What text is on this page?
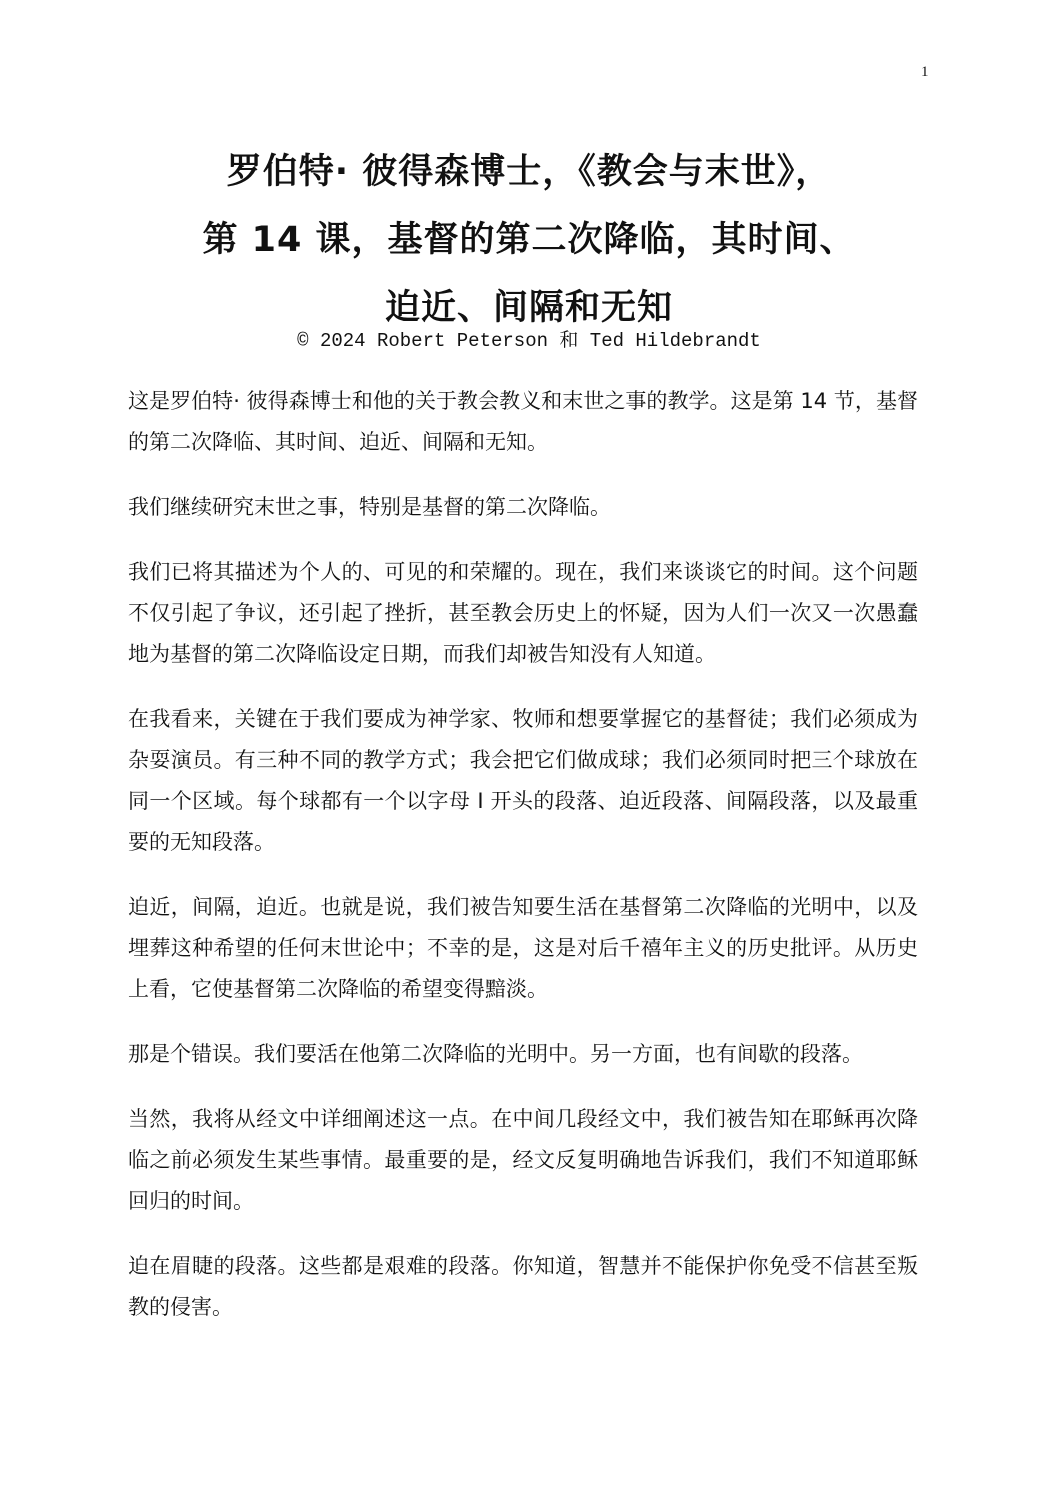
1
罗伯特· 彼得森博士，《教会与末世》，
第 14 课，基督的第二次降临，其时间、
迫近、间隔和无知
© 2024 Robert Peterson 和 Ted Hildebrandt

这是罗伯特· 彼得森博士和他的关于教会教义和末世之事的教学。这是第 14 节，基督的第二次降临、其时间、迫近、间隔和无知。

我们继续研究末世之事，特别是基督的第二次降临。

我们已将其描述为个人的、可见的和荣耀的。现在，我们来谈谈它的时间。这个问题不仅引起了争议，还引起了挫折，甚至教会历史上的怀疑，因为人们一次又一次愚蠢地为基督的第二次降临设定日期，而我们却被告知没有人知道。

在我看来，关键在于我们要成为神学家、牧师和想要掌握它的基督徒；我们必须成为杂耍演员。有三种不同的教学方式；我会把它们做成球；我们必须同时把三个球放在同一个区域。每个球都有一个以字母 I 开头的段落、迫近段落、间隔段落，以及最重要的无知段落。

迫近，间隔，迫近。也就是说，我们被告知要生活在基督第二次降临的光明中，以及埋葬这种希望的任何末世论中；不幸的是，这是对后千禧年主义的历史批评。从历史上看，它使基督第二次降临的希望变得黯淡。

那是个错误。我们要活在他第二次降临的光明中。另一方面，也有间歇的段落。

当然，我将从经文中详细阐述这一点。在中间几段经文中，我们被告知在耶稣再次降临之前必须发生某些事情。最重要的是，经文反复明确地告诉我们，我们不知道耶稣回归的时间。

迫在眉睫的段落。这些都是艰难的段落。你知道，智慧并不能保护你免受不信甚至叛教的侵害。
